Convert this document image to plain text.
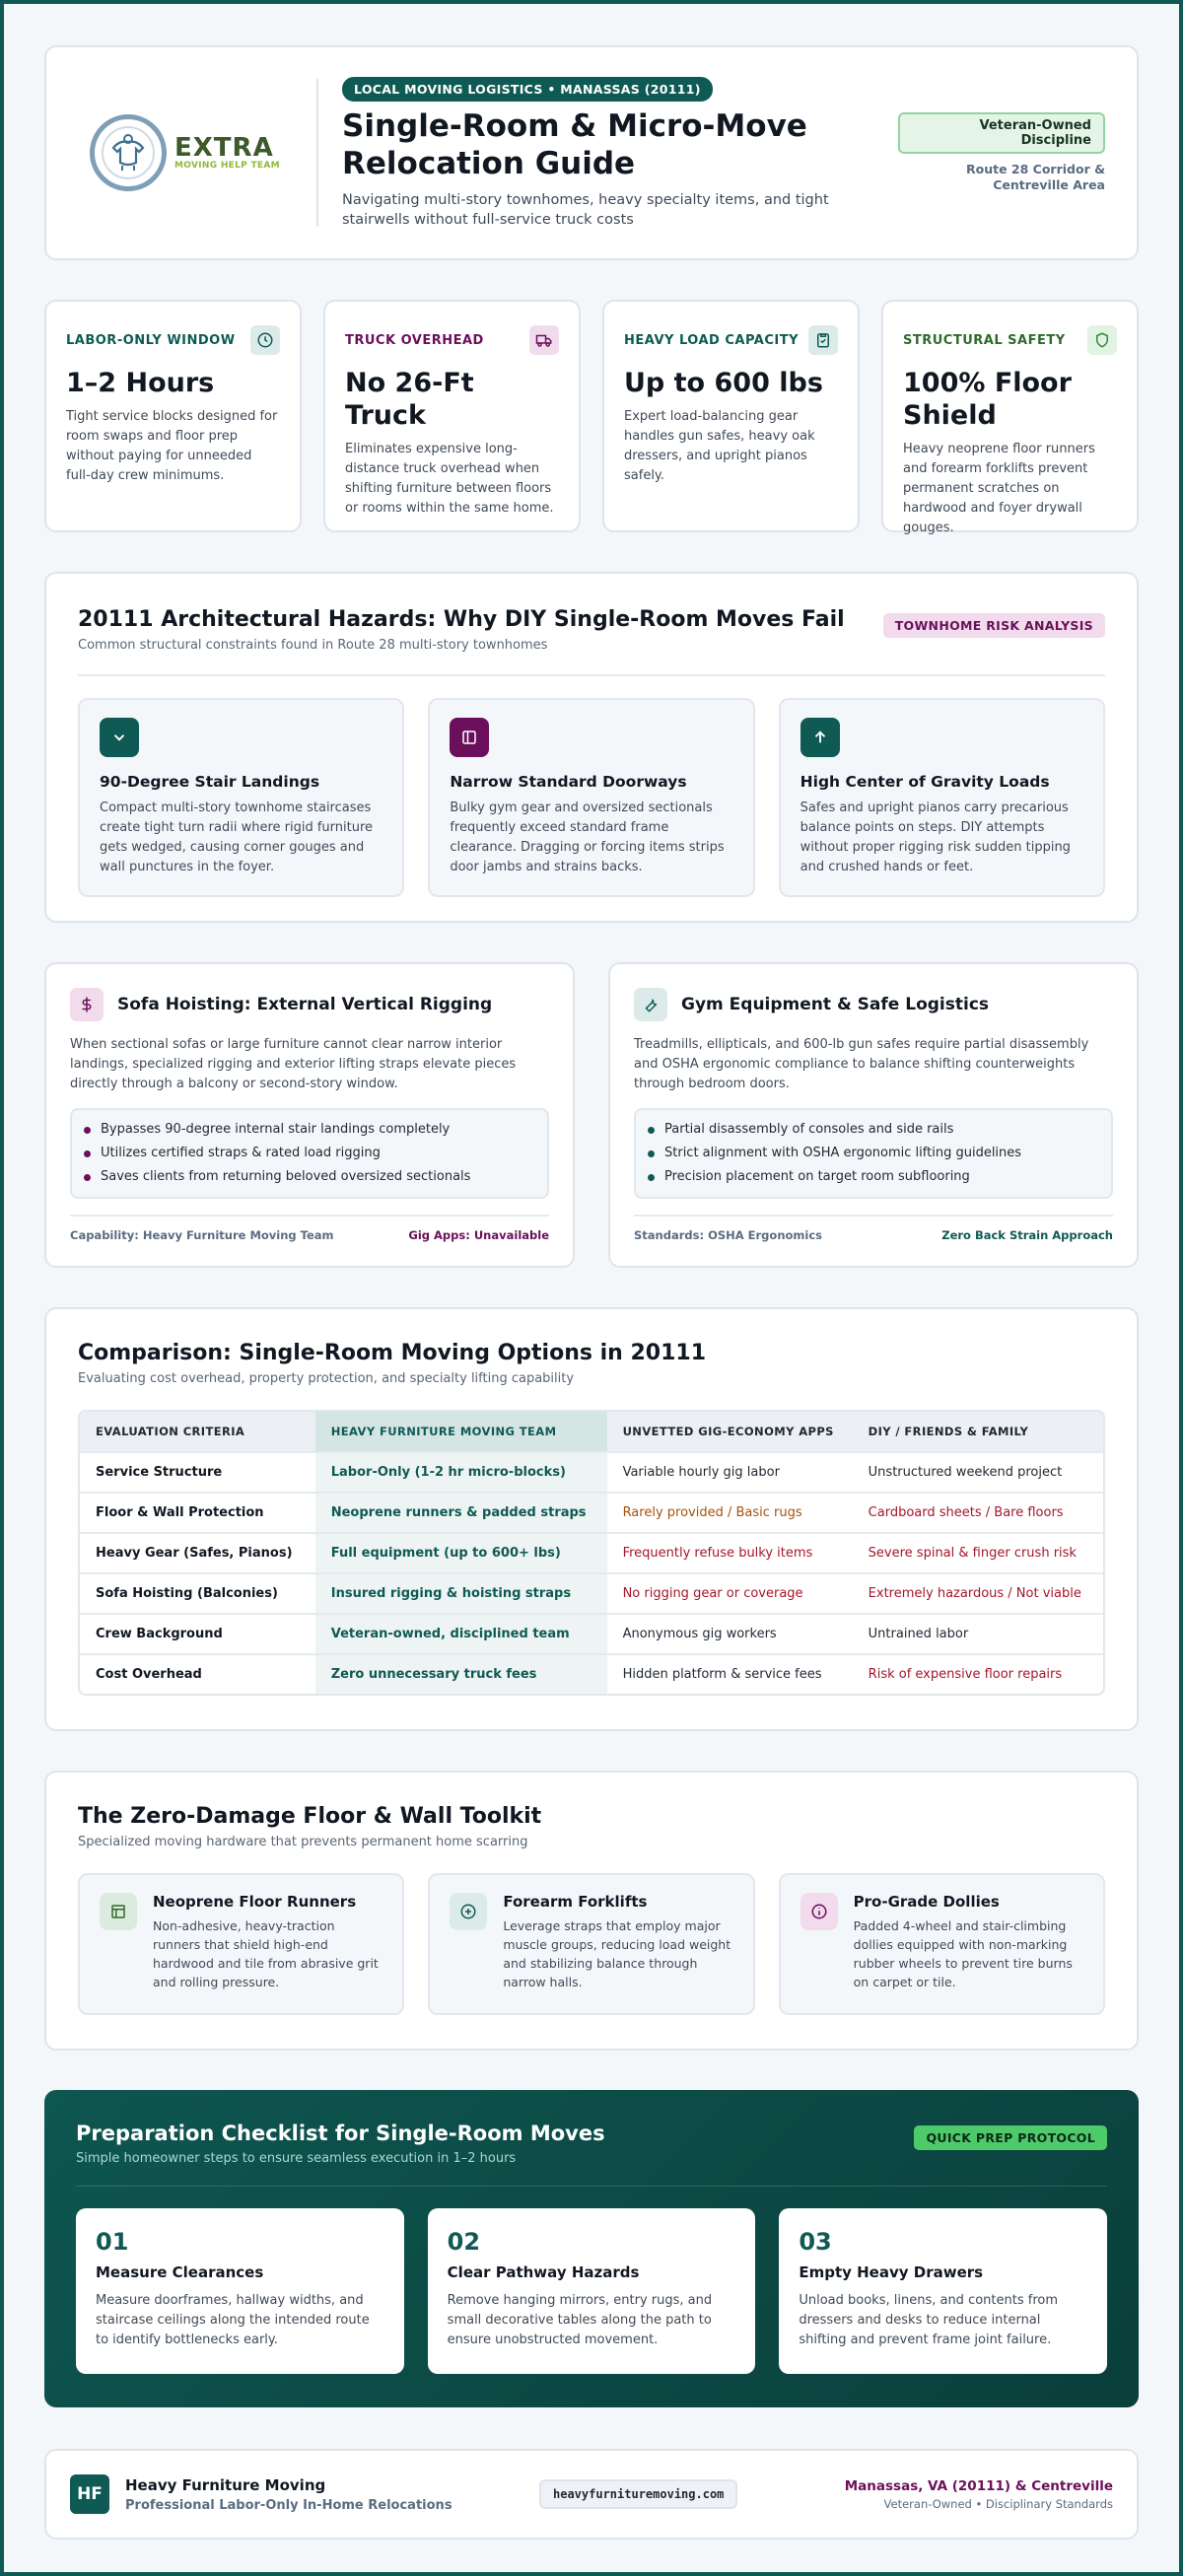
EXTRA
MOVING HELP TEAM
LOCAL MOVING LOGISTICS • MANASSAS (20111)
Single-Room & Micro-Move Relocation Guide
Navigating multi-story townhomes, heavy specialty items, and tight stairwells without full-service truck costs
Veteran-Owned Discipline
Route 28 Corridor & Centreville Area
LABOR-ONLY WINDOW
1–2 Hours
Tight service blocks designed for room swaps and floor prep without paying for unneeded full-day crew minimums.
TRUCK OVERHEAD
No 26-Ft Truck
Eliminates expensive long-distance truck overhead when shifting furniture between floors or rooms within the same home.
HEAVY LOAD CAPACITY
Up to 600 lbs
Expert load-balancing gear handles gun safes, heavy oak dressers, and upright pianos safely.
STRUCTURAL SAFETY
100% Floor Shield
Heavy neoprene floor runners and forearm forklifts prevent permanent scratches on hardwood and foyer drywall gouges.
20111 Architectural Hazards: Why DIY Single-Room Moves Fail
Common structural constraints found in Route 28 multi-story townhomes
TOWNHOME RISK ANALYSIS
90-Degree Stair Landings
Compact multi-story townhome staircases create tight turn radii where rigid furniture gets wedged, causing corner gouges and wall punctures in the foyer.
Narrow Standard Doorways
Bulky gym gear and oversized sectionals frequently exceed standard frame clearance. Dragging or forcing items strips door jambs and strains backs.
High Center of Gravity Loads
Safes and upright pianos carry precarious balance points on steps. DIY attempts without proper rigging risk sudden tipping and crushed hands or feet.
Sofa Hoisting: External Vertical Rigging
When sectional sofas or large furniture cannot clear narrow interior landings, specialized rigging and exterior lifting straps elevate pieces directly through a balcony or second-story window.
Bypasses 90-degree internal stair landings completely
Utilizes certified straps & rated load rigging
Saves clients from returning beloved oversized sectionals
Capability: Heavy Furniture Moving Team	Gig Apps: Unavailable
Gym Equipment & Safe Logistics
Treadmills, ellipticals, and 600-lb gun safes require partial disassembly and OSHA ergonomic compliance to balance shifting counterweights through bedroom doors.
Partial disassembly of consoles and side rails
Strict alignment with OSHA ergonomic lifting guidelines
Precision placement on target room subflooring
Standards: OSHA Ergonomics	Zero Back Strain Approach
Comparison: Single-Room Moving Options in 20111
Evaluating cost overhead, property protection, and specialty lifting capability
EVALUATION CRITERIA	HEAVY FURNITURE MOVING TEAM	UNVETTED GIG-ECONOMY APPS	DIY / FRIENDS & FAMILY
Service Structure	Labor-Only (1-2 hr micro-blocks)	Variable hourly gig labor	Unstructured weekend project
Floor & Wall Protection	Neoprene runners & padded straps	Rarely provided / Basic rugs	Cardboard sheets / Bare floors
Heavy Gear (Safes, Pianos)	Full equipment (up to 600+ lbs)	Frequently refuse bulky items	Severe spinal & finger crush risk
Sofa Hoisting (Balconies)	Insured rigging & hoisting straps	No rigging gear or coverage	Extremely hazardous / Not viable
Crew Background	Veteran-owned, disciplined team	Anonymous gig workers	Untrained labor
Cost Overhead	Zero unnecessary truck fees	Hidden platform & service fees	Risk of expensive floor repairs
The Zero-Damage Floor & Wall Toolkit
Specialized moving hardware that prevents permanent home scarring
Neoprene Floor Runners
Non-adhesive, heavy-traction runners that shield high-end hardwood and tile from abrasive grit and rolling pressure.
Forearm Forklifts
Leverage straps that employ major muscle groups, reducing load weight and stabilizing balance through narrow halls.
Pro-Grade Dollies
Padded 4-wheel and stair-climbing dollies equipped with non-marking rubber wheels to prevent tire burns on carpet or tile.
Preparation Checklist for Single-Room Moves
Simple homeowner steps to ensure seamless execution in 1–2 hours
QUICK PREP PROTOCOL
01
Measure Clearances
Measure doorframes, hallway widths, and staircase ceilings along the intended route to identify bottlenecks early.
02
Clear Pathway Hazards
Remove hanging mirrors, entry rugs, and small decorative tables along the path to ensure unobstructed movement.
03
Empty Heavy Drawers
Unload books, linens, and contents from dressers and desks to reduce internal shifting and prevent frame joint failure.
HF	Heavy Furniture Moving
Professional Labor-Only In-Home Relocations
heavyfurnituremoving.com
Manassas, VA (20111) & Centreville
Veteran-Owned • Disciplinary Standards
